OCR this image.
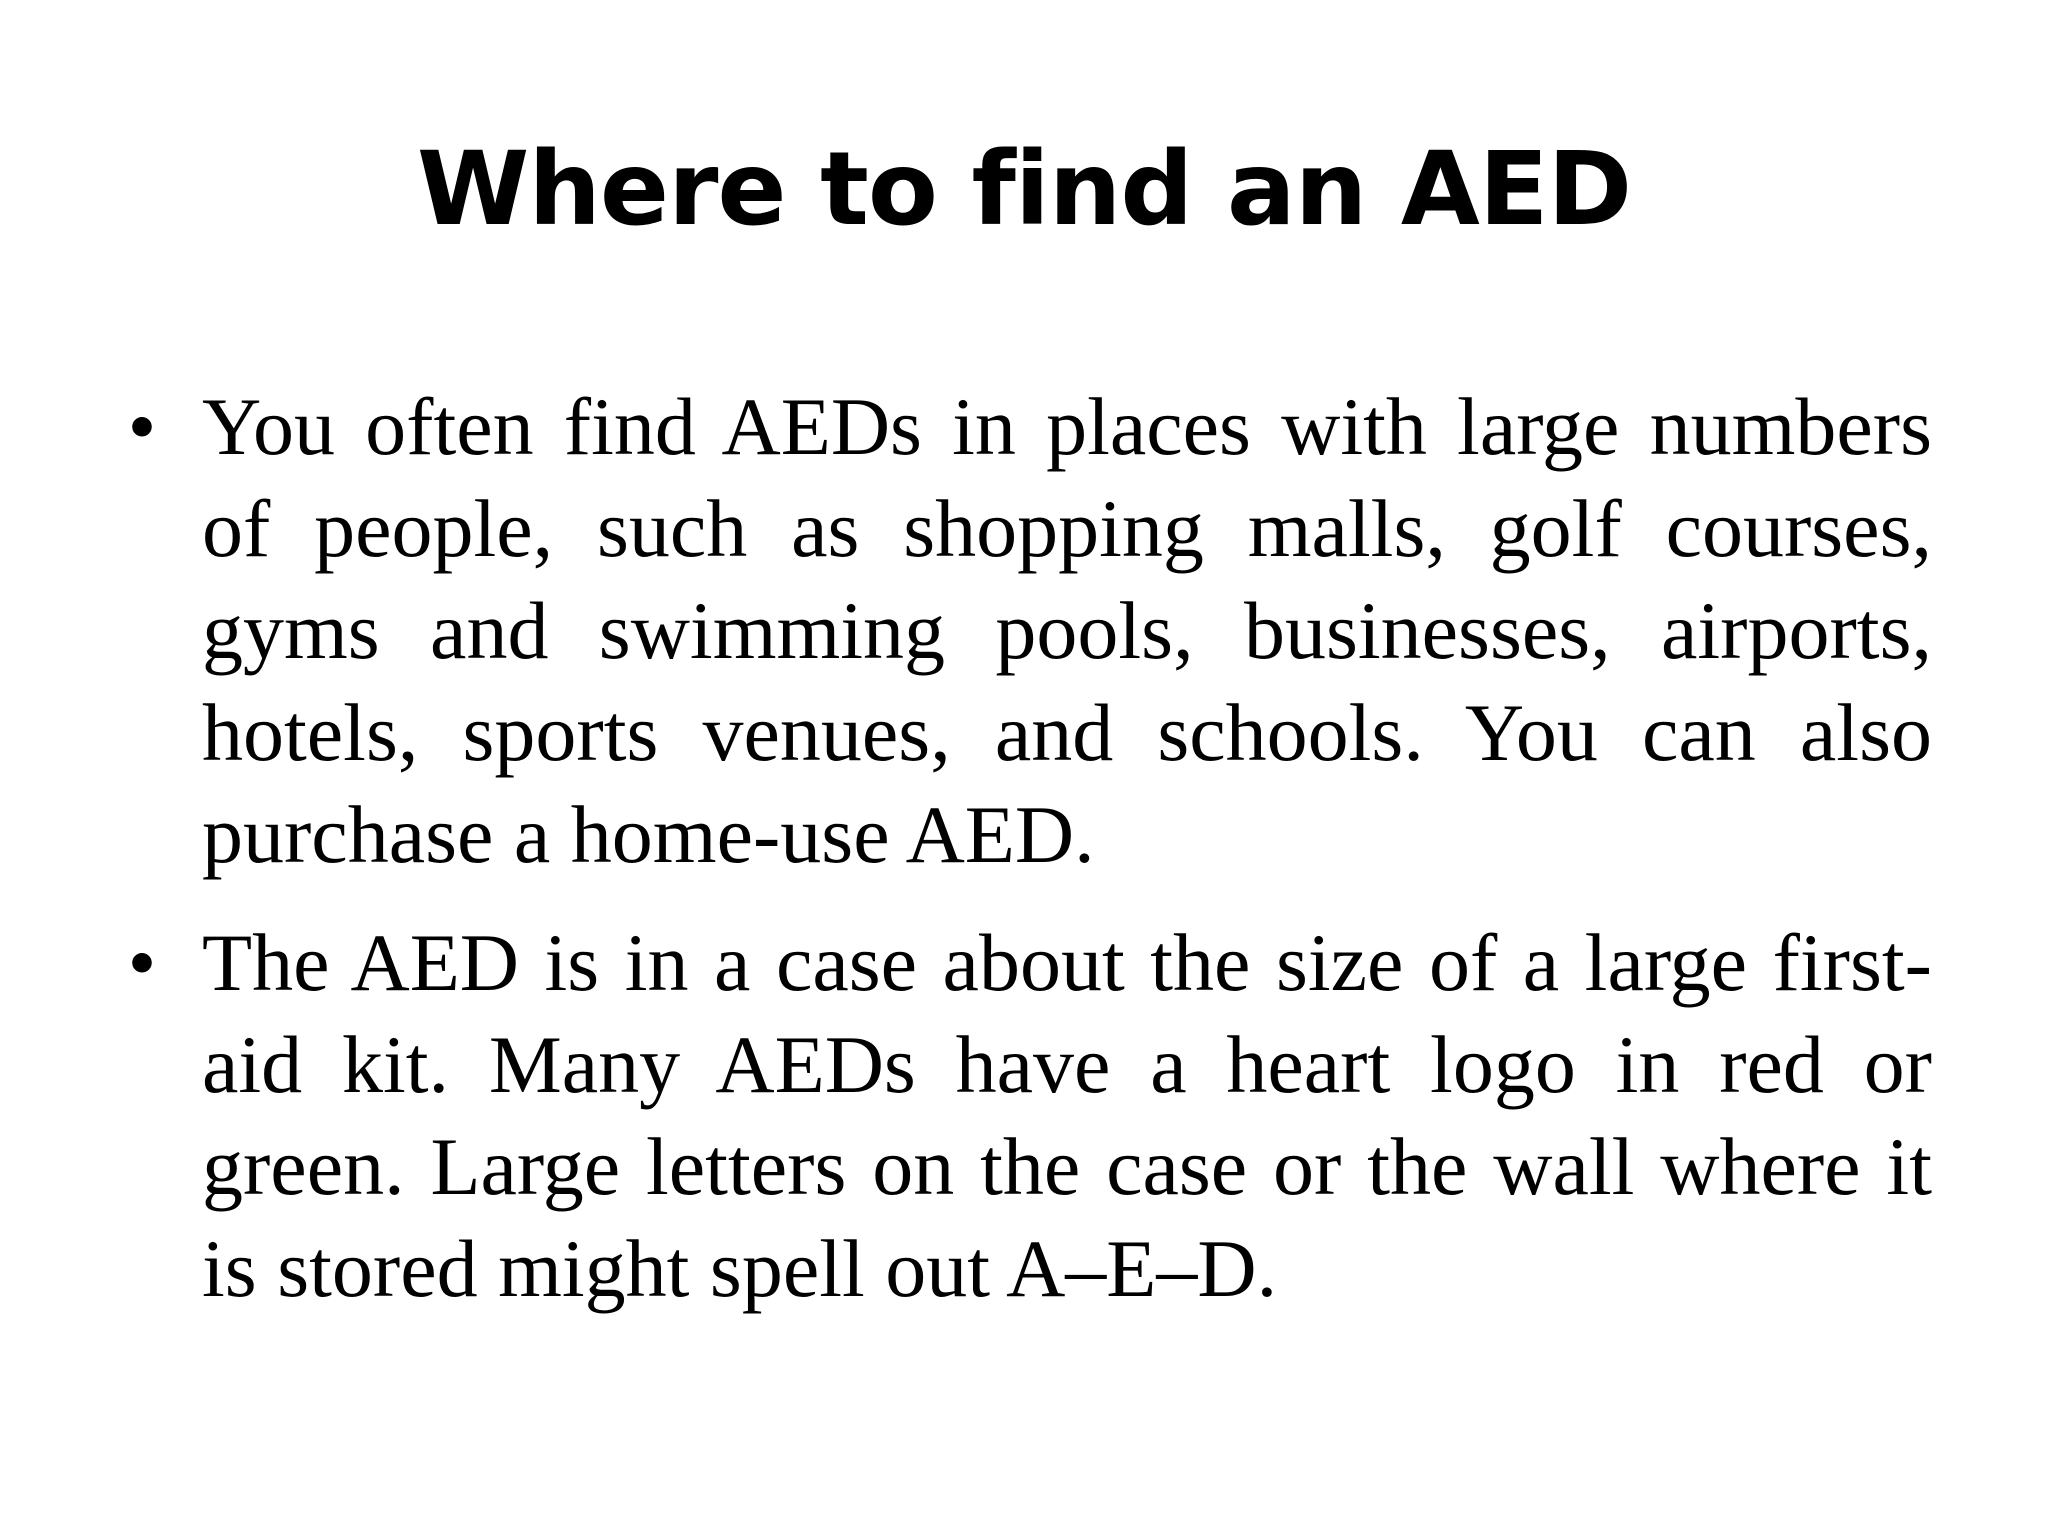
Where to find an AED
• You often find AEDs in places with large numbers of people, such as shopping malls, golf courses, gyms and swimming pools, businesses, airports, hotels, sports venues, and schools. You can also purchase a home-use AED.
• The AED is in a case about the size of a large first-aid kit. Many AEDs have a heart logo in red or green. Large letters on the case or the wall where it is stored might spell out A–E–D.
